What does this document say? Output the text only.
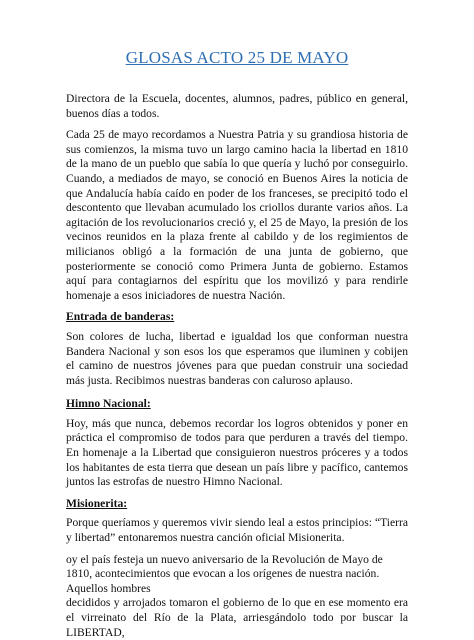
GLOSAS ACTO 25 DE MAYO

Directora de la Escuela, docentes, alumnos, padres, público en general, buenos días a todos.

Cada 25 de mayo recordamos a Nuestra Patria y su grandiosa historia de sus comienzos, la misma tuvo un largo camino hacia la libertad en 1810 de la mano de un pueblo que sabía lo que quería y luchó por conseguirlo. Cuando, a mediados de mayo, se conoció en Buenos Aires la noticia de que Andalucía había caído en poder de los franceses, se precipitó todo el descontento que llevaban acumulado los criollos durante varios años. La agitación de los revolucionarios creció y, el 25 de Mayo, la presión de los vecinos reunidos en la plaza frente al cabildo y de los regimientos de milicianos obligó a la formación de una junta de gobierno, que posteriormente se conoció como Primera Junta de gobierno. Estamos aquí para contagiarnos del espíritu que los movilizó y para rendirle homenaje a esos iniciadores de nuestra Nación.

Entrada de banderas:

Son colores de lucha, libertad e igualdad los que conforman nuestra Bandera Nacional y son esos los que esperamos que iluminen y cobijen el camino de nuestros jóvenes para que puedan construir una sociedad más justa. Recibimos nuestras banderas con caluroso aplauso.

Himno Nacional:

Hoy, más que nunca, debemos recordar los logros obtenidos y poner en práctica el compromiso de todos para que perduren a través del tiempo. En homenaje a la Libertad que consiguieron nuestros próceres y a todos los habitantes de esta tierra que desean un país libre y pacífico, cantemos juntos las estrofas de nuestro Himno Nacional.

Misionerita:

Porque queríamos y queremos vivir siendo leal a estos principios: “Tierra y libertad” entonaremos nuestra canción oficial Misionerita.

oy el país festeja un nuevo aniversario de la Revolución de Mayo de 1810, acontecimientos que evocan a los orígenes de nuestra nación. Aquellos hombres

decididos y arrojados tomaron el gobierno de lo que en ese momento era el virreinato del Río de la Plata, arriesgándolo todo por buscar la LIBERTAD,
